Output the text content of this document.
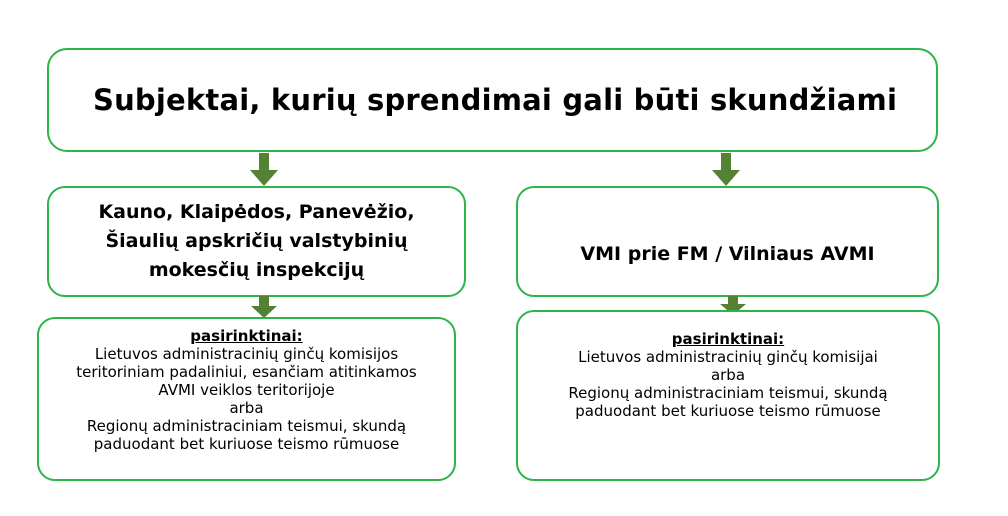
Subjektai, kurių sprendimai gali būti skundžiami
Kauno, Klaipėdos, Panevėžio,
Šiaulių apskričių valstybinių
mokesčių inspekcijų
VMI prie FM / Vilniaus AVMI
pasirinktinai:
Lietuvos administracinių ginčų komisijos
teritoriniam padaliniui, esančiam atitinkamos
AVMI veiklos teritorijoje
arba
Regionų administraciniam teismui, skundą
paduodant bet kuriuose teismo rūmuose
pasirinktinai:
Lietuvos administracinių ginčų komisijai
arba
Regionų administraciniam teismui, skundą
paduodant bet kuriuose teismo rūmuose
